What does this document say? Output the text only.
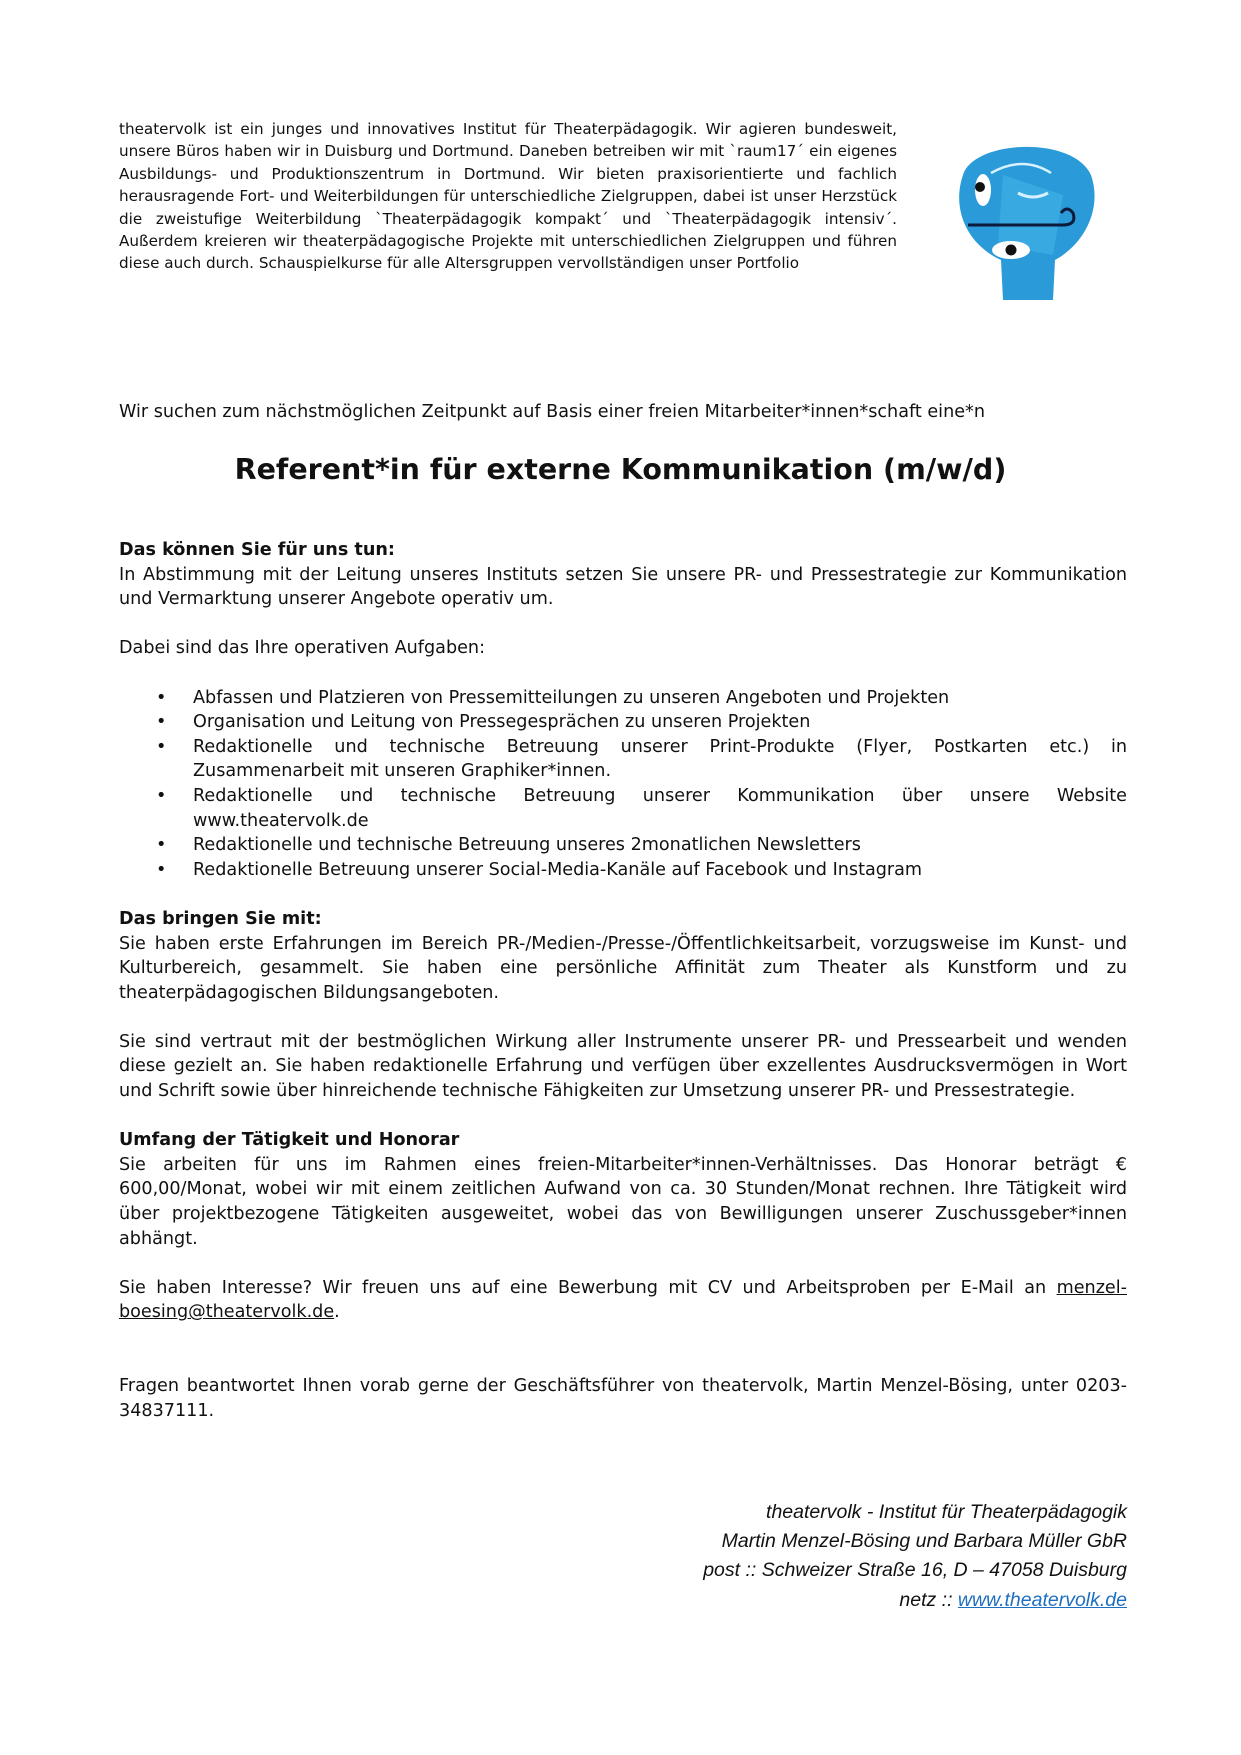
theatervolk ist ein junges und innovatives Institut für Theaterpädagogik. Wir agieren bundesweit, unsere Büros haben wir in Duisburg und Dortmund. Daneben betreiben wir mit `raum17´ ein eigenes Ausbildungs- und Produktionszentrum in Dortmund. Wir bieten praxisorientierte und fachlich herausragende Fort- und Weiterbildungen für unterschiedliche Zielgruppen, dabei ist unser Herzstück die zweistufige Weiterbildung `Theaterpädagogik kompakt´ und `Theaterpädagogik intensiv´. Außerdem kreieren wir theaterpädagogische Projekte mit unterschiedlichen Zielgruppen und führen diese auch durch. Schauspielkurse für alle Altersgruppen vervollständigen unser Portfolio

Wir suchen zum nächstmöglichen Zeitpunkt auf Basis einer freien Mitarbeiter*innen*schaft eine*n

Referent*in für externe Kommunikation (m/w/d)
Das können Sie für uns tun:

In Abstimmung mit der Leitung unseres Instituts setzen Sie unsere PR- und Pressestrategie zur Kommunikation und Vermarktung unserer Angebote operativ um.

Dabei sind das Ihre operativen Aufgaben:

• Abfassen und Platzieren von Pressemitteilungen zu unseren Angeboten und Projekten
• Organisation und Leitung von Pressegesprächen zu unseren Projekten
• Redaktionelle und technische Betreuung unserer Print-Produkte (Flyer, Postkarten etc.) in Zusammenarbeit mit unseren Graphiker*innen.
• Redaktionelle und technische Betreuung unserer Kommunikation über unsere Website www.theatervolk.de
• Redaktionelle und technische Betreuung unseres 2monatlichen Newsletters
• Redaktionelle Betreuung unserer Social-Media-Kanäle auf Facebook und Instagram
Das bringen Sie mit:

Sie haben erste Erfahrungen im Bereich PR-/Medien-/Presse-/Öffentlichkeitsarbeit, vorzugsweise im Kunst- und Kulturbereich, gesammelt. Sie haben eine persönliche Affinität zum Theater als Kunstform und zu theaterpädagogischen Bildungsangeboten.

Sie sind vertraut mit der bestmöglichen Wirkung aller Instrumente unserer PR- und Pressearbeit und wenden diese gezielt an. Sie haben redaktionelle Erfahrung und verfügen über exzellentes Ausdrucksvermögen in Wort und Schrift sowie über hinreichende technische Fähigkeiten zur Umsetzung unserer PR- und Pressestrategie.

Umfang der Tätigkeit und Honorar

Sie arbeiten für uns im Rahmen eines freien-Mitarbeiter*innen-Verhältnisses. Das Honorar beträgt € 600,00/Monat, wobei wir mit einem zeitlichen Aufwand von ca. 30 Stunden/Monat rechnen. Ihre Tätigkeit wird über projektbezogene Tätigkeiten ausgeweitet, wobei das von Bewilligungen unserer Zuschussgeber*innen abhängt.

Sie haben Interesse? Wir freuen uns auf eine Bewerbung mit CV und Arbeitsproben per E-Mail an menzel-boesing@theatervolk.de.

Fragen beantwortet Ihnen vorab gerne der Geschäftsführer von theatervolk, Martin Menzel-Bösing, unter 0203-34837111.

theatervolk - Institut für Theaterpädagogik
Martin Menzel-Bösing und Barbara Müller GbR
post :: Schweizer Straße 16, D – 47058 Duisburg
netz :: www.theatervolk.de
